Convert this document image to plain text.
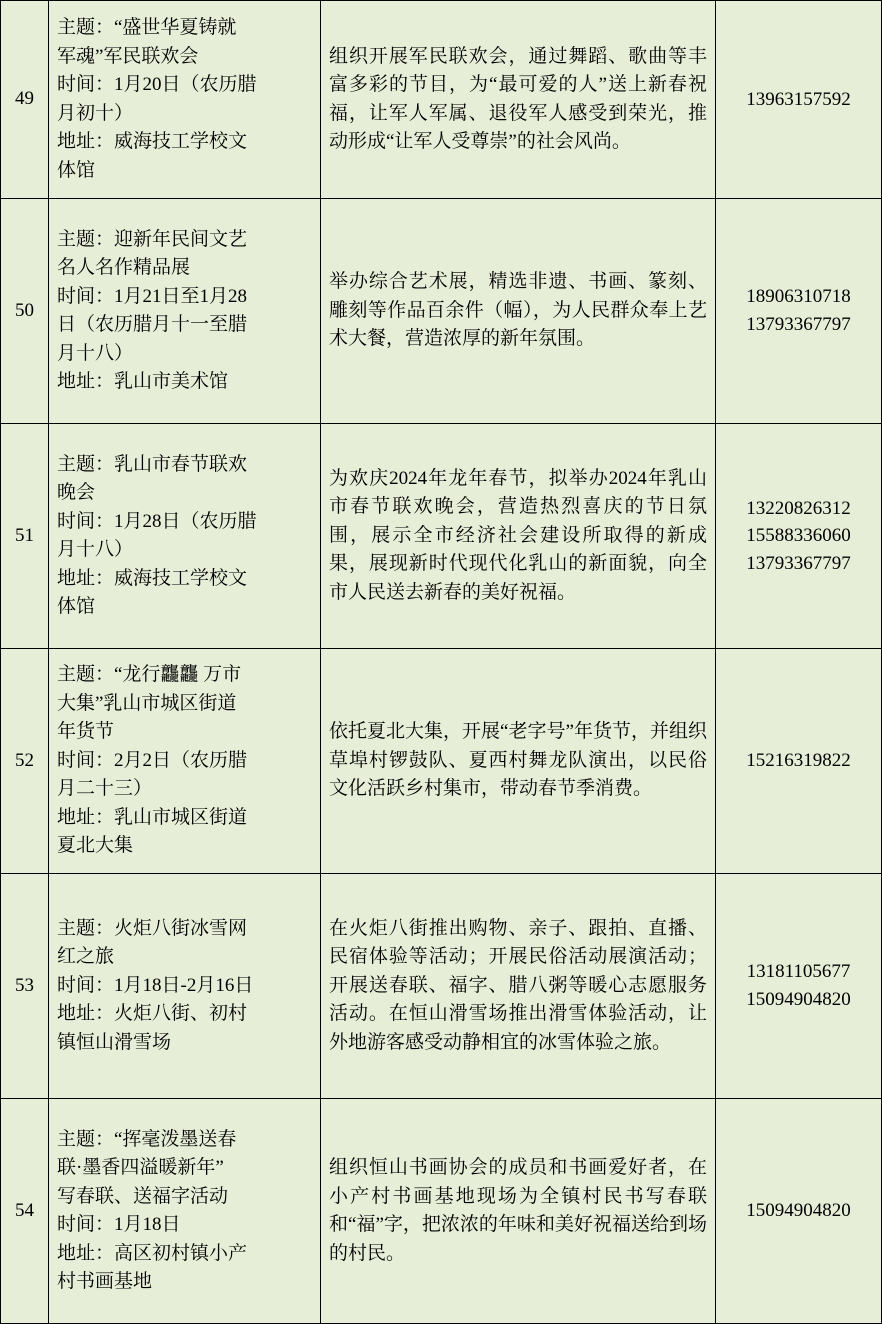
49	
主题：“盛世华夏铸就
军魂”军民联欢会
时间：1月20日（农历腊
月初十）
地址：威海技工学校文
体馆
	组织开展军民联欢会，通过舞蹈、歌曲等丰富多彩的节目，为“最可爱的人”送上新春祝福，让军人军属、退役军人感受到荣光，推动形成“让军人受尊崇”的社会风尚。	
13963157592

50	
主题：迎新年民间文艺
名人名作精品展
时间：1月21日至1月28
日（农历腊月十一至腊
月十八）
地址：乳山市美术馆
	举办综合艺术展，精选非遗、书画、篆刻、雕刻等作品百余件（幅），为人民群众奉上艺术大餐，营造浓厚的新年氛围。	
18906310718
13793367797

51	
主题：乳山市春节联欢
晚会
时间：1月28日（农历腊
月十八）
地址：威海技工学校文
体馆
	为欢庆2024年龙年春节，拟举办2024年乳山市春节联欢晚会，营造热烈喜庆的节日氛围，展示全市经济社会建设所取得的新成果，展现新时代现代化乳山的新面貌，向全市人民送去新春的美好祝福。	
13220826312
15588336060
13793367797

52	
主题：“龙行龘龘 万市
大集”乳山市城区街道
年货节
时间：2月2日（农历腊
月二十三）
地址：乳山市城区街道
夏北大集
	依托夏北大集，开展“老字号”年货节，并组织草埠村锣鼓队、夏西村舞龙队演出，以民俗文化活跃乡村集市，带动春节季消费。	
15216319822

53	主题：火炬八街冰雪网
红之旅
时间：1月18日-2月16日
地址：火炬八街、初村
镇恒山滑雪场	在火炬八街推出购物、亲子、跟拍、直播、民宿体验等活动；开展民俗活动展演活动；开展送春联、福字、腊八粥等暖心志愿服务活动。在恒山滑雪场推出滑雪体验活动，让外地游客感受动静相宜的冰雪体验之旅。	13181105677
15094904820

54	
主题：“挥毫泼墨送春
联·墨香四溢暖新年”
写春联、送福字活动
时间：1月18日
地址：高区初村镇小产
村书画基地
	组织恒山书画协会的成员和书画爱好者，在小产村书画基地现场为全镇村民书写春联和“福”字，把浓浓的年味和美好祝福送给到场的村民。	
15094904820
